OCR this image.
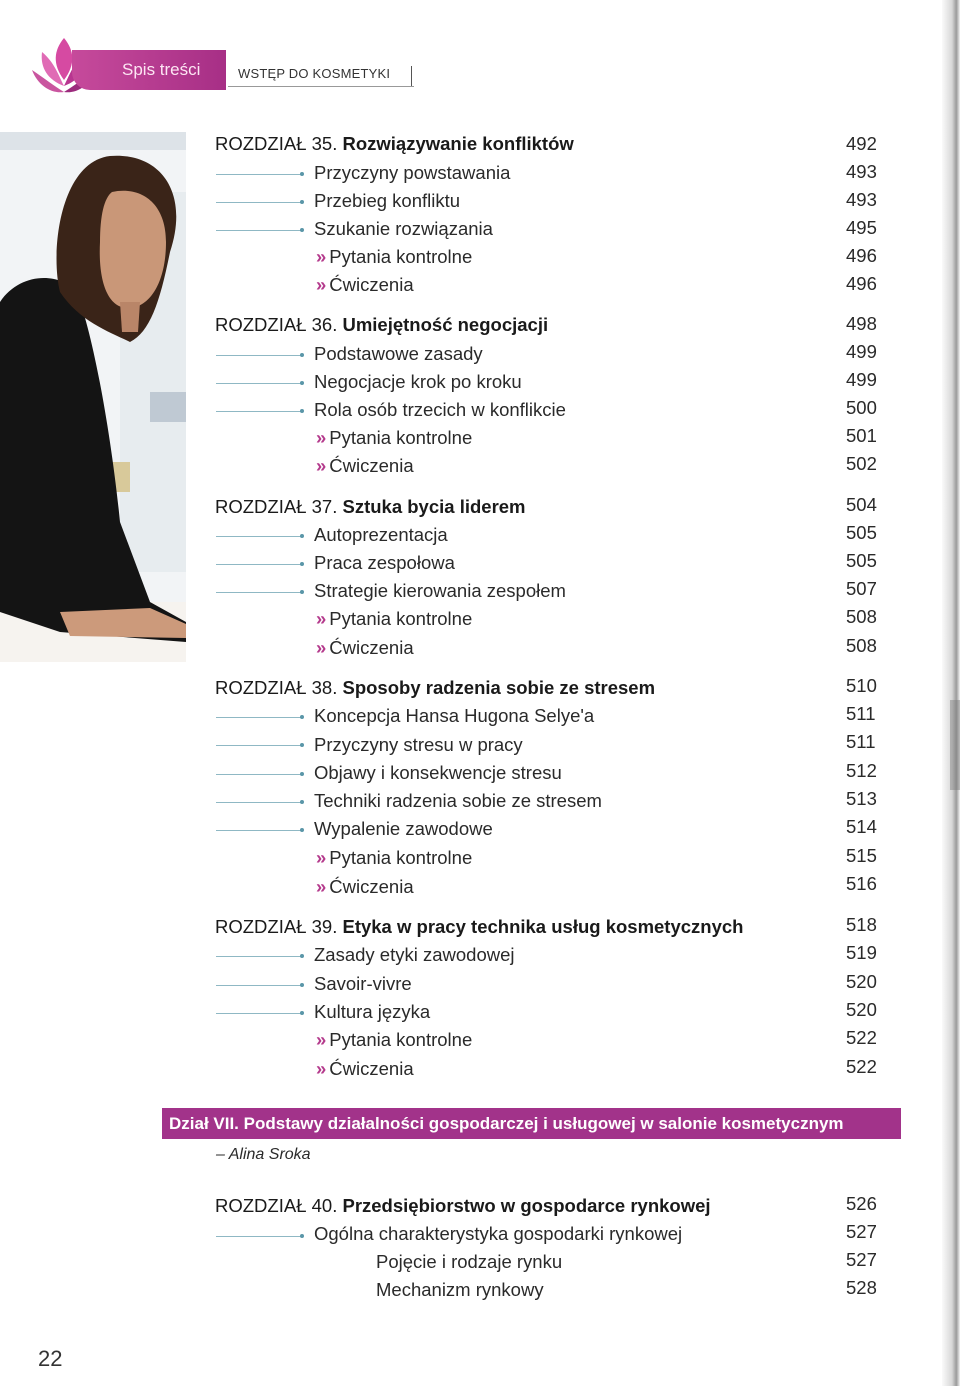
Spis treści	WSTĘP DO KOSMETYKI
ROZDZIAŁ 35. Rozwiązywanie konfliktów	492
Przyczyny powstawania	493
Przebieg konfliktu	493
Szukanie rozwiązania	495
» Pytania kontrolne	496
» Ćwiczenia	496
ROZDZIAŁ 36. Umiejętność negocjacji	498
Podstawowe zasady	499
Negocjacje krok po kroku	499
Rola osób trzecich w konflikcie	500
» Pytania kontrolne	501
» Ćwiczenia	502
ROZDZIAŁ 37. Sztuka bycia liderem	504
Autoprezentacja	505
Praca zespołowa	505
Strategie kierowania zespołem	507
» Pytania kontrolne	508
» Ćwiczenia	508
ROZDZIAŁ 38. Sposoby radzenia sobie ze stresem	510
Koncepcja Hansa Hugona Selye'a	511
Przyczyny stresu w pracy	511
Objawy i konsekwencje stresu	512
Techniki radzenia sobie ze stresem	513
Wypalenie zawodowe	514
» Pytania kontrolne	515
» Ćwiczenia	516
ROZDZIAŁ 39. Etyka w pracy technika usług kosmetycznych	518
Zasady etyki zawodowej	519
Savoir-vivre	520
Kultura języka	520
» Pytania kontrolne	522
» Ćwiczenia	522
Dział VII. Podstawy działalności gospodarczej i usługowej w salonie kosmetycznym
– Alina Sroka
ROZDZIAŁ 40. Przedsiębiorstwo w gospodarce rynkowej	526
Ogólna charakterystyka gospodarki rynkowej	527
Pojęcie i rodzaje rynku	527
Mechanizm rynkowy	528
22
